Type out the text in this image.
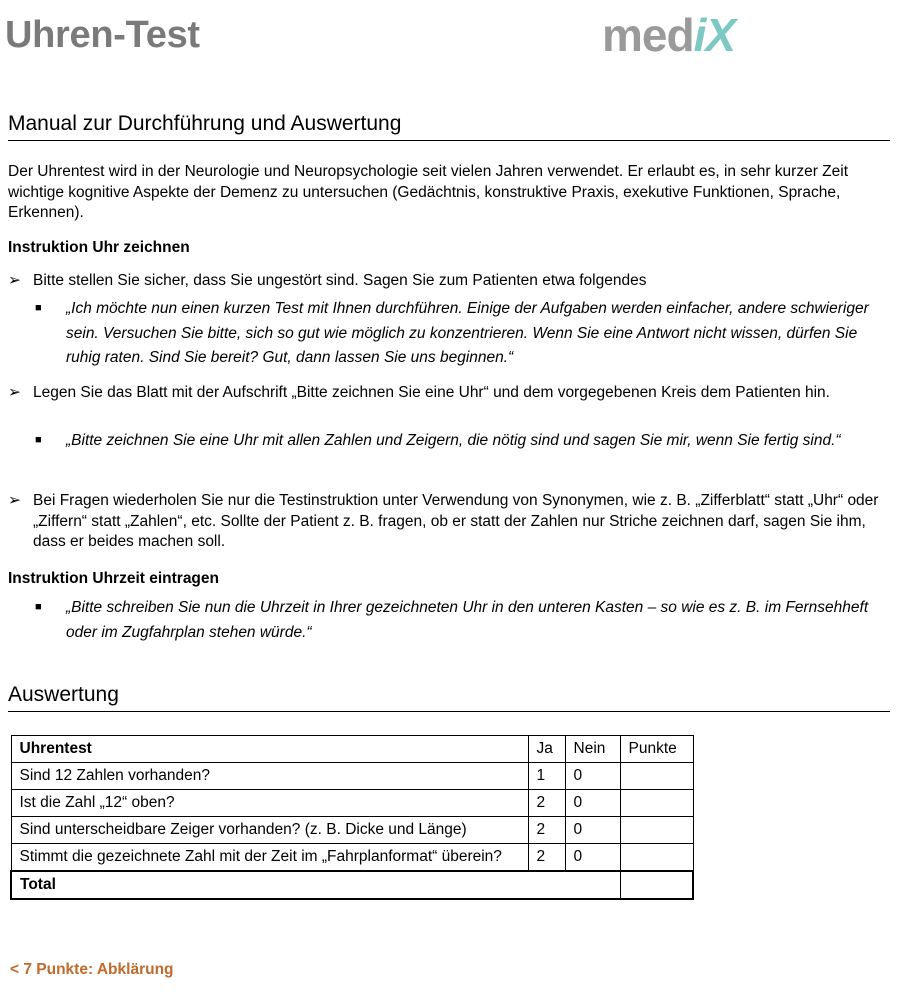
Uhren-Test	mediX
Manual zur Durchführung und Auswertung
Der Uhrentest wird in der Neurologie und Neuropsychologie seit vielen Jahren verwendet. Er erlaubt es, in sehr kurzer Zeit wichtige kognitive Aspekte der Demenz zu untersuchen (Gedächtnis, konstruktive Praxis, exekutive Funktionen, Sprache, Erkennen).
Instruktion Uhr zeichnen
➢ Bitte stellen Sie sicher, dass Sie ungestört sind. Sagen Sie zum Patienten etwa folgendes
■ „Ich möchte nun einen kurzen Test mit Ihnen durchführen. Einige der Aufgaben werden einfacher, andere schwieriger sein. Versuchen Sie bitte, sich so gut wie möglich zu konzentrieren. Wenn Sie eine Antwort nicht wissen, dürfen Sie ruhig raten. Sind Sie bereit? Gut, dann lassen Sie uns beginnen.“
➢ Legen Sie das Blatt mit der Aufschrift „Bitte zeichnen Sie eine Uhr“ und dem vorgegebenen Kreis dem Patienten hin.
■ „Bitte zeichnen Sie eine Uhr mit allen Zahlen und Zeigern, die nötig sind und sagen Sie mir, wenn Sie fertig sind.“
➢ Bei Fragen wiederholen Sie nur die Testinstruktion unter Verwendung von Synonymen, wie z. B. „Zifferblatt“ statt „Uhr“ oder „Ziffern“ statt „Zahlen“, etc. Sollte der Patient z. B. fragen, ob er statt der Zahlen nur Striche zeichnen darf, sagen Sie ihm, dass er beides machen soll.
Instruktion Uhrzeit eintragen
■ „Bitte schreiben Sie nun die Uhrzeit in Ihrer gezeichneten Uhr in den unteren Kasten – so wie es z. B. im Fernsehheft oder im Zugfahrplan stehen würde.“
Auswertung
Uhrentest	Ja	Nein	Punkte
Sind 12 Zahlen vorhanden?	1	0	
Ist die Zahl „12“ oben?	2	0	
Sind unterscheidbare Zeiger vorhanden? (z. B. Dicke und Länge)	2	0	
Stimmt die gezeichnete Zahl mit der Zeit im „Fahrplanformat“ überein?	2	0	
Total			
< 7 Punkte: Abklärung
